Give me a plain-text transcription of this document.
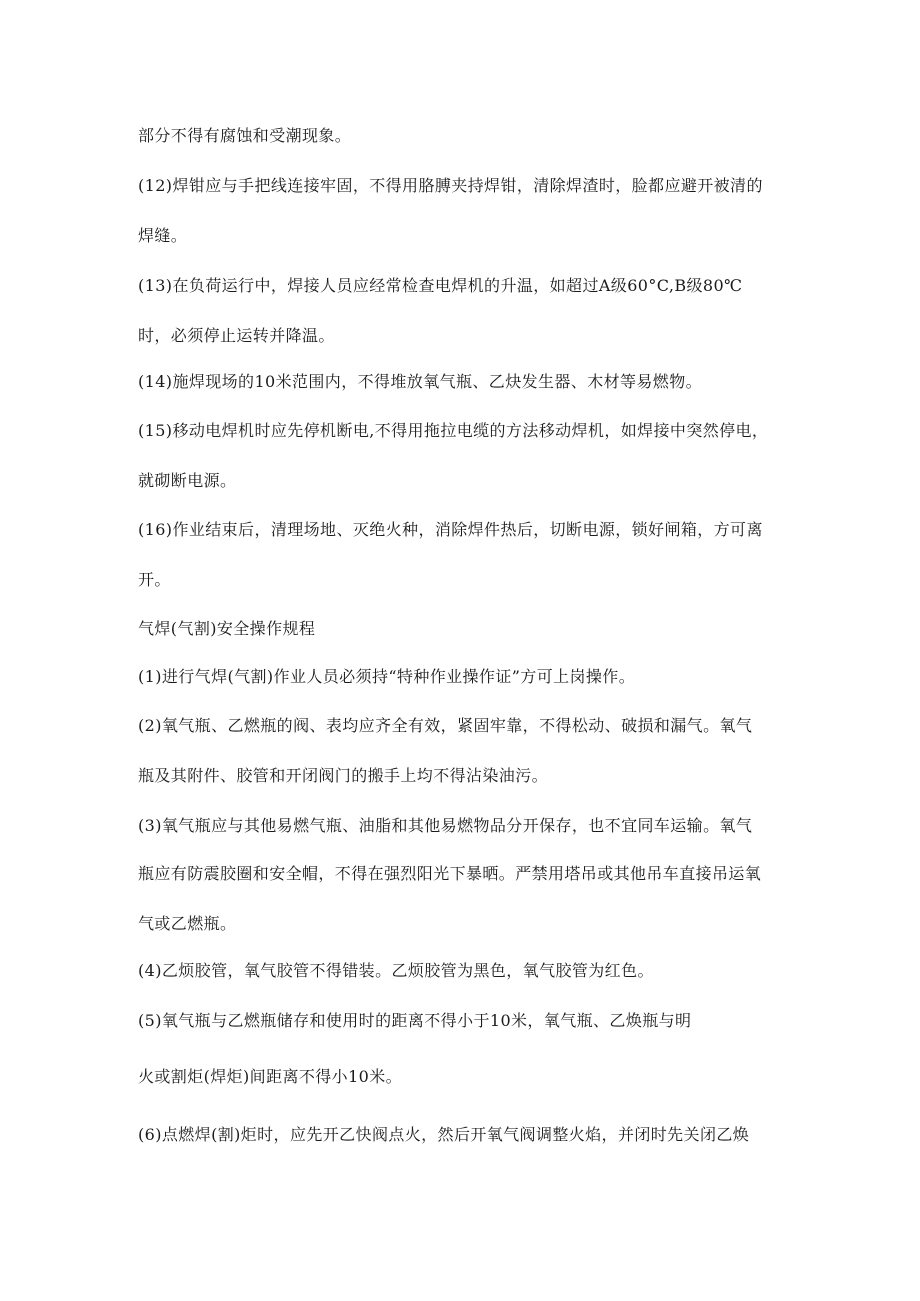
部分不得有腐蚀和受潮现象。
(12)焊钳应与手把线连接牢固，不得用胳膊夹持焊钳，清除焊渣时，脸都应避开被清的
焊缝。
(13)在负荷运行中，焊接人员应经常检查电焊机的升温，如超过A级60°C,B级80℃
时，必须停止运转并降温。
(14)施焊现场的10米范围内，不得堆放氧气瓶、乙炔发生器、木材等易燃物。
(15)移动电焊机时应先停机断电,不得用拖拉电缆的方法移动焊机，如焊接中突然停电，
就砌断电源。
(16)作业结束后，清理场地、灭绝火种，消除焊件热后，切断电源，锁好闸箱，方可离
开。
气焊(气割)安全操作规程
(1)进行气焊(气割)作业人员必须持“特种作业操作证”方可上岗操作。
(2)氧气瓶、乙燃瓶的阀、表均应齐全有效，紧固牢靠，不得松动、破损和漏气。氧气
瓶及其附件、胶管和开闭阀门的搬手上均不得沾染油污。
(3)氧气瓶应与其他易燃气瓶、油脂和其他易燃物品分开保存，也不宜同车运输。氧气
瓶应有防震胶圈和安全帽，不得在强烈阳光下暴晒。严禁用塔吊或其他吊车直接吊运氧
气或乙燃瓶。
(4)乙烦胶管，氧气胶管不得错装。乙烦胶管为黑色，氧气胶管为红色。
(5)氧气瓶与乙燃瓶储存和使用时的距离不得小于10米，氧气瓶、乙焕瓶与明
火或割炬(焊炬)间距离不得小10米。
(6)点燃焊(割)炬时，应先开乙快阀点火，然后开氧气阀调整火焰，并闭时先关闭乙焕
